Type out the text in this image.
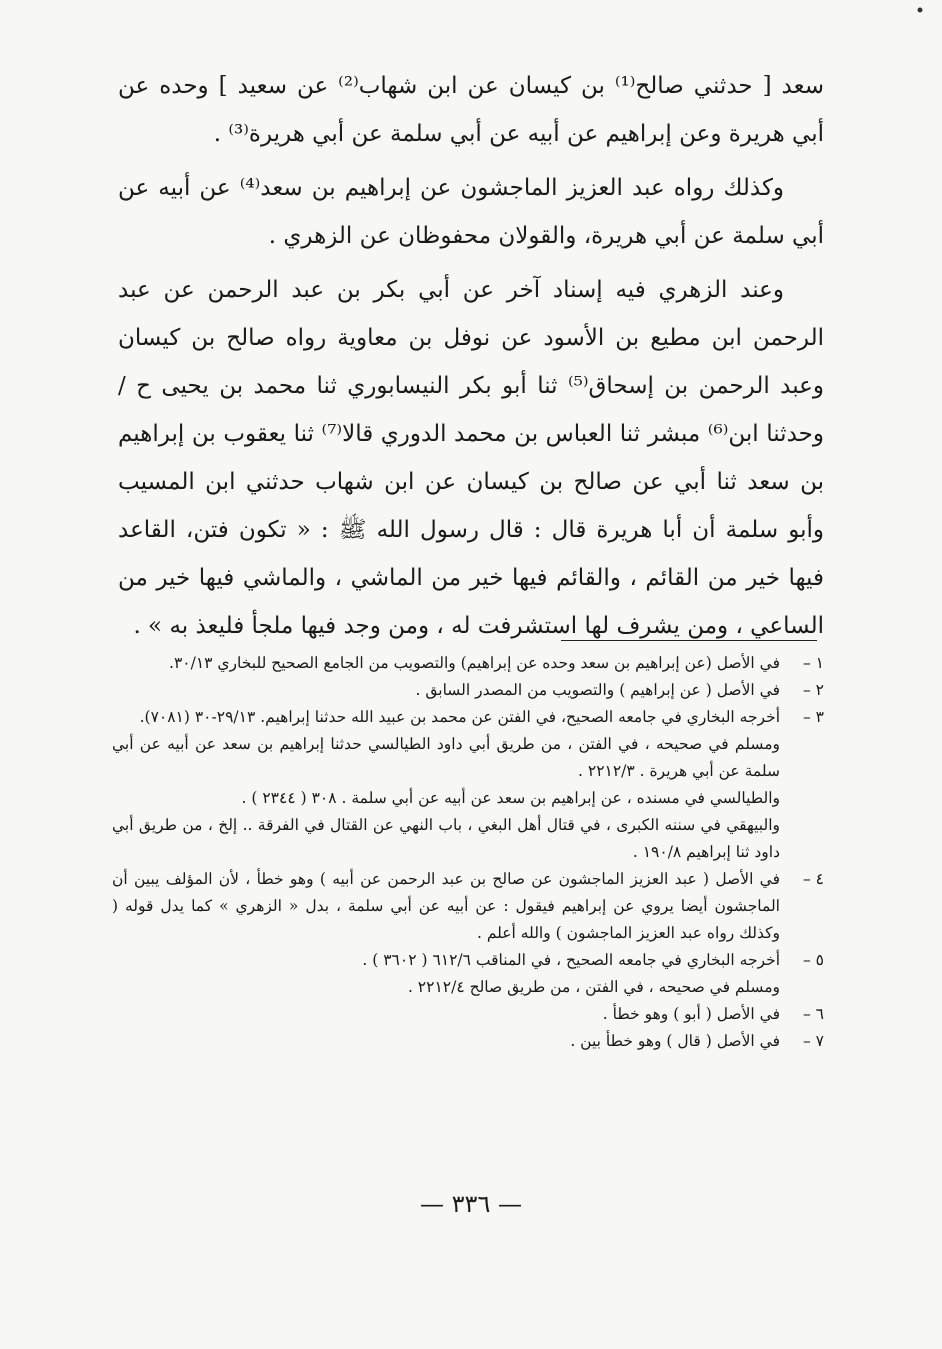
سعد [ حدثني صالح⁽¹⁾ بن كيسان عن ابن شهاب⁽²⁾ عن سعيد ] وحده عن أبي هريرة وعن إبراهيم عن أبيه عن أبي سلمة عن أبي هريرة⁽³⁾ .

وكذلك رواه عبد العزيز الماجشون عن إبراهيم بن سعد⁽⁴⁾ عن أبيه عن أبي سلمة عن أبي هريرة، والقولان محفوظان عن الزهري .

وعند الزهري فيه إسناد آخر عن أبي بكر بن عبد الرحمن عن عبد الرحمن ابن مطيع بن الأسود عن نوفل بن معاوية رواه صالح بن كيسان وعبد الرحمن بن إسحاق⁽⁵⁾ ثنا أبو بكر النيسابوري ثنا محمد بن يحيى ح / وحدثنا ابن⁽⁶⁾ مبشر ثنا العباس بن محمد الدوري قالا⁽⁷⁾ ثنا يعقوب بن إبراهيم بن سعد ثنا أبي عن صالح بن كيسان عن ابن شهاب حدثني ابن المسيب وأبو سلمة أن أبا هريرة قال : قال رسول الله ﷺ : « تكون فتن، القاعد فيها خير من القائم ، والقائم فيها خير من الماشي ، والماشي فيها خير من الساعي ، ومن يشرف لها استشرفت له ، ومن وجد فيها ملجأ فليعذ به » .

١ –
في الأصل (عن إبراهيم بن سعد وحده عن إبراهيم) والتصويب من الجامع الصحيح للبخاري ٣٠/١٣.
٢ –
في الأصل ( عن إبراهيم ) والتصويب من المصدر السابق .
٣ –
أخرجه البخاري في جامعه الصحيح، في الفتن عن محمد بن عبيد الله حدثنا إبراهيم. ٢٩/١٣-٣٠ (٧٠٨١).
ومسلم في صحيحه ، في الفتن ، من طريق أبي داود الطيالسي حدثنا إبراهيم بن سعد عن أبيه عن أبي سلمة عن أبي هريرة . ٢٢١٢/٣ .
والطيالسي في مسنده ، عن إبراهيم بن سعد عن أبيه عن أبي سلمة . ٣٠٨ ( ٢٣٤٤ ) .
والبيهقي في سننه الكبرى ، في قتال أهل البغي ، باب النهي عن القتال في الفرقة .. إلخ ، من طريق أبي داود ثنا إبراهيم ١٩٠/٨ .
٤ –
في الأصل ( عبد العزيز الماجشون عن صالح بن عبد الرحمن عن أبيه ) وهو خطأ ، لأن المؤلف يبين أن الماجشون أيضا يروي عن إبراهيم فيقول : عن أبيه عن أبي سلمة ، بدل « الزهري » كما يدل قوله ( وكذلك رواه عبد العزيز الماجشون ) والله أعلم .
٥ –
أخرجه البخاري في جامعه الصحيح ، في المناقب ٦١٢/٦ ( ٣٦٠٢ ) .
ومسلم في صحيحه ، في الفتن ، من طريق صالح ٢٢١٢/٤ .
٦ –
في الأصل ( أبو ) وهو خطأ .
٧ –
في الأصل ( قال ) وهو خطأ بين .
— ٣٣٦ —
